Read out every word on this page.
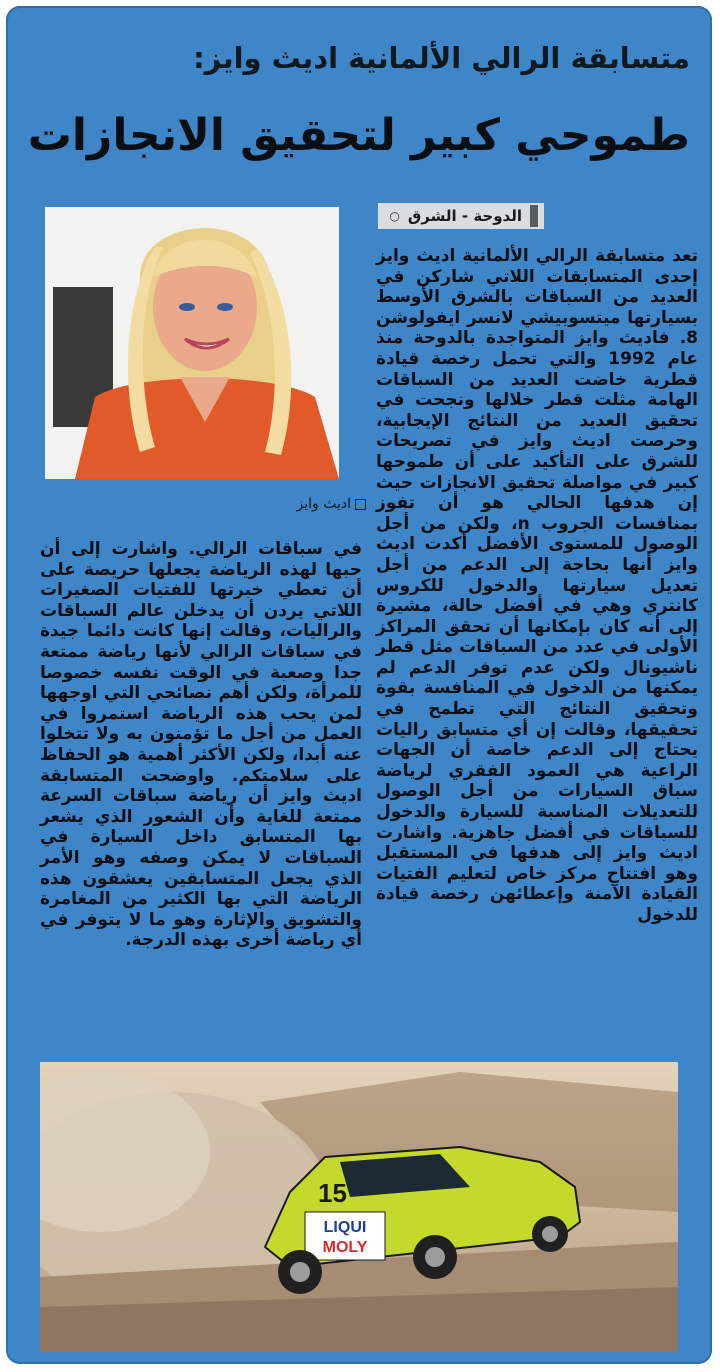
متسابقة الرالي الألمانية اديث وايز:
طموحي كبير لتحقيق الانجازات
الدوحة - الشرق
○
اديث وايز
تعد متسابقة الرالي الألمانية اديث وايز إحدى المتسابقات اللاتي شاركن في العديد من السباقات بالشرق الأوسط بسيارتها ميتسوبيشي لانسر ايفولوشن 8. فاديث وايز المتواجدة بالدوحة منذ عام 1992 والتي تحمل رخصة قيادة قطرية خاضت العديد من السباقات الهامة مثلت قطر خلالها ونجحت في تحقيق العديد من النتائج الإيجابية، وحرصت اديث وايز في تصريحات للشرق على التأكيد على أن طموحها كبير في مواصلة تحقيق الانجازات حيث إن هدفها الحالي هو أن تفوز بمنافسات الجروب n، ولكن من أجل الوصول للمستوى الأفضل أكدت اديث وايز أنها بحاجة إلى الدعم من أجل تعديل سيارتها والدخول للكروس كانتري وهي في أفضل حالة، مشيرة إلى أنه كان بإمكانها أن تحقق المراكز الأولى في عدد من السباقات مثل قطر ناشيونال ولكن عدم توفر الدعم لم يمكنها من الدخول في المنافسة بقوة وتحقيق النتائج التي تطمح في تحقيقها، وقالت إن أي متسابق راليات يحتاج إلى الدعم خاصة أن الجهات الراعية هي العمود الفقري لرياضة سباق السيارات من أجل الوصول للتعديلات المناسبة للسيارة والدخول للسباقات في أفضل جاهزية. واشارت اديث وايز إلى هدفها في المستقبل وهو افتتاح مركز خاص لتعليم الفتيات القيادة الآمنة وإعطائهن رخصة قيادة للدخول
في سباقات الرالي. واشارت إلى أن حبها لهذه الرياضة يجعلها حريصة على أن تعطي خبرتها للفتيات الصغيرات اللاتي يردن أن يدخلن عالم السباقات والراليات، وقالت إنها كانت دائما جيدة في سباقات الرالي لأنها رياضة ممتعة جدا وصعبة في الوقت نفسه خصوصا للمرأة، ولكن أهم نصائحي التي اوجهها لمن يحب هذه الرياضة استمروا في العمل من أجل ما تؤمنون به ولا تتخلوا عنه أبدا، ولكن الأكثر أهمية هو الحفاظ على سلامتكم. واوضحت المتسابقة اديث وايز أن رياضة سباقات السرعة ممتعة للغاية وأن الشعور الذي يشعر بها المتسابق داخل السيارة في السباقات لا يمكن وصفه وهو الأمر الذي يجعل المتسابقين يعشقون هذه الرياضة التي بها الكثير من المغامرة والتشويق والإثارة وهو ما لا يتوفر في أي رياضة أخرى بهذه الدرجة.
LIQUI
MOLY
15
